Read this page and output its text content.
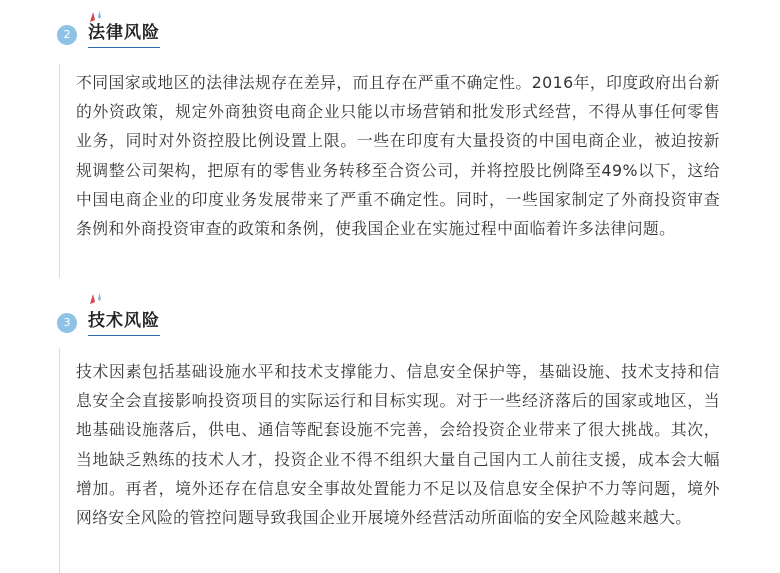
2	法律风险

不同国家或地区的法律法规存在差异，而且存在严重不确定性。2016年，印度政府出台新的外资政策，规定外商独资电商企业只能以市场营销和批发形式经营，不得从事任何零售业务，同时对外资控股比例设置上限。一些在印度有大量投资的中国电商企业，被迫按新规调整公司架构，把原有的零售业务转移至合资公司，并将控股比例降至49%以下，这给中国电商企业的印度业务发展带来了严重不确定性。同时，一些国家制定了外商投资审查条例和外商投资审查的政策和条例，使我国企业在实施过程中面临着许多法律问题。

3	技术风险

技术因素包括基础设施水平和技术支撑能力、信息安全保护等，基础设施、技术支持和信息安全会直接影响投资项目的实际运行和目标实现。对于一些经济落后的国家或地区，当地基础设施落后，供电、通信等配套设施不完善，会给投资企业带来了很大挑战。其次，当地缺乏熟练的技术人才，投资企业不得不组织大量自己国内工人前往支援，成本会大幅增加。再者，境外还存在信息安全事故处置能力不足以及信息安全保护不力等问题，境外网络安全风险的管控问题导致我国企业开展境外经营活动所面临的安全风险越来越大。
